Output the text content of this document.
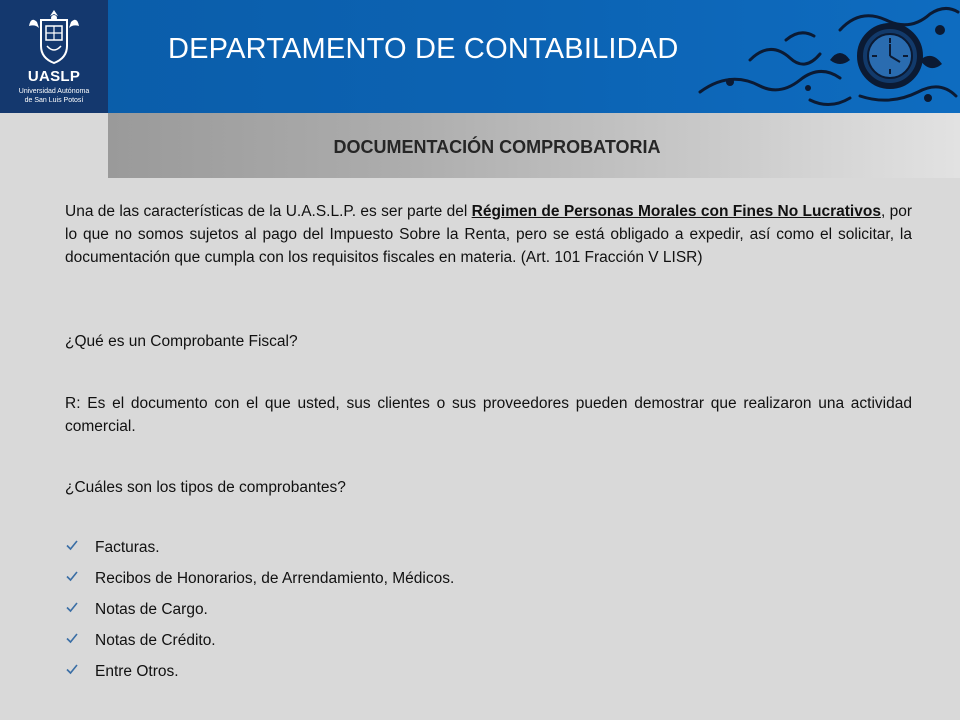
UASLP
Universidad Autónoma
de San Luis Potosí
DEPARTAMENTO DE CONTABILIDAD
DOCUMENTACIÓN COMPROBATORIA

Una de las características de la U.A.S.L.P. es ser parte del Régimen de Personas Morales con Fines No Lucrativos, por lo que no somos sujetos al pago del Impuesto Sobre la Renta, pero se está obligado a expedir, así como el solicitar, la documentación que cumpla con los requisitos fiscales en materia. (Art. 101 Fracción V LISR)

¿Qué es un Comprobante Fiscal?

R: Es el documento con el que usted, sus clientes o sus proveedores pueden demostrar que realizaron una actividad comercial.

¿Cuáles son los tipos de comprobantes?

Facturas.
Recibos de Honorarios, de Arrendamiento, Médicos.
Notas de Cargo.
Notas de Crédito.
Entre Otros.
